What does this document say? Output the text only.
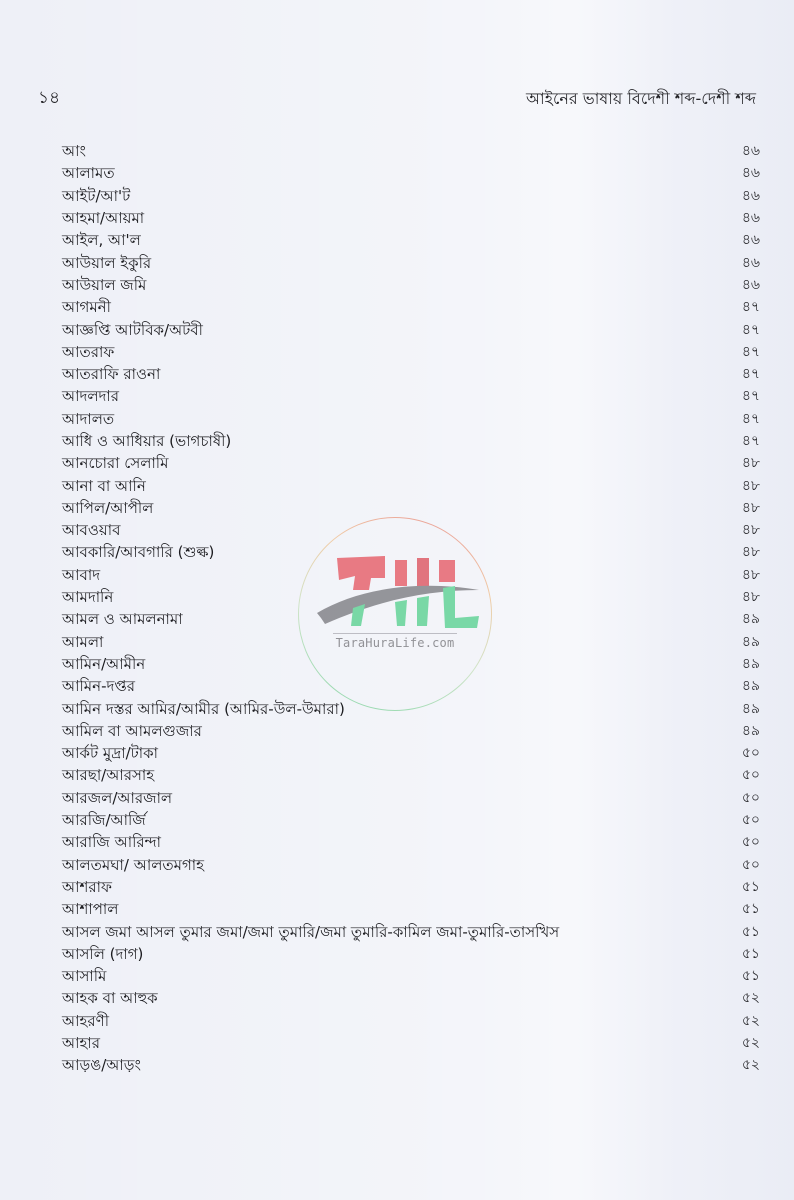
১৪	আইনের ভাষায় বিদেশী শব্দ-দেশী শব্দ
আং	৪৬
আলামত	৪৬
আইট/আ'ট	৪৬
আহমা/আয়মা	৪৬
আইল, আ'ল	৪৬
আউয়াল ইকুরি	৪৬
আউয়াল জমি	৪৬
আগমনী	৪৭
আজ্ঞপ্তি আটবিক/অটবী	৪৭
আতরাফ	৪৭
আতরাফি রাওনা	৪৭
আদলদার	৪৭
আদালত	৪৭
আধি ও আধিয়ার (ভাগচাষী)	৪৭
আনচোরা সেলামি	৪৮
আনা বা আনি	৪৮
আপিল/আপীল	৪৮
আবওয়াব	৪৮
আবকারি/আবগারি (শুল্ক)	৪৮
আবাদ	৪৮
আমদানি	৪৮
আমল ও আমলনামা	৪৯
আমলা	৪৯
আমিন/আমীন	৪৯
আমিন-দপ্তর	৪৯
আমিন দস্তর আমির/আমীর (আমির-উল-উমারা)	৪৯
আমিল বা আমলগুজার	৪৯
আর্কট মুদ্রা/টাকা	৫০
আরছা/আরসাহ	৫০
আরজল/আরজাল	৫০
আরজি/আর্জি	৫০
আরাজি আরিন্দা	৫০
আলতমঘা/ আলতমগাহ	৫০
আশরাফ	৫১
আশাপাল	৫১
আসল জমা আসল তুমার জমা/জমা তুমারি/জমা তুমারি-কামিল জমা-তুমারি-তাসখিস	৫১
আসলি (দাগ)	৫১
আসামি	৫১
আহক বা আহুক	৫২
আহরণী	৫২
আহার	৫২
আড়ঙ/আড়ং	৫২
TaraHuraLife.com
